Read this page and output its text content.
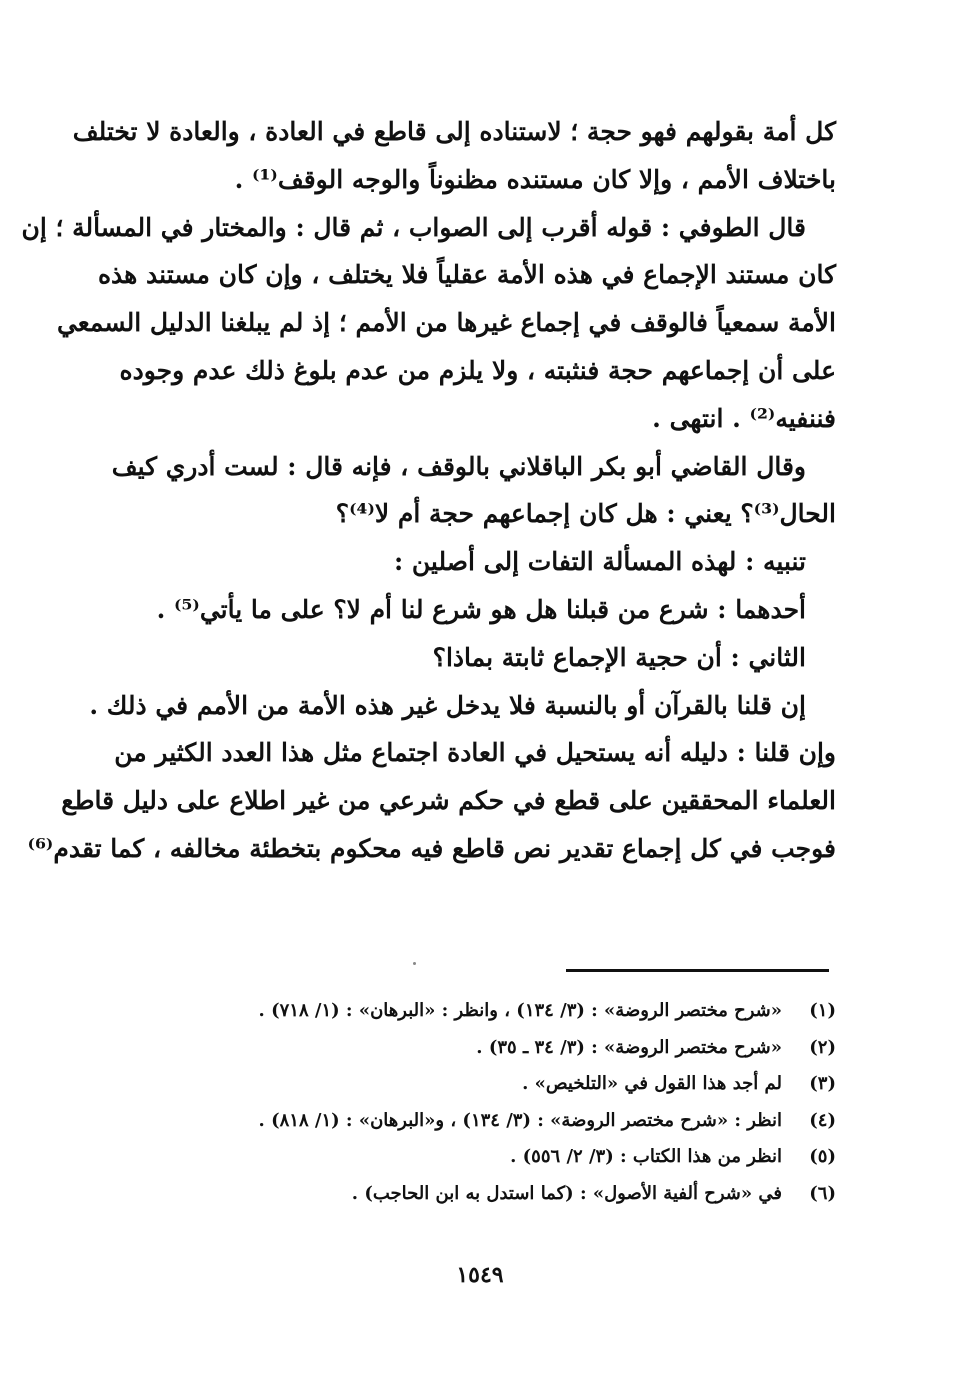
كل أمة بقولهم فهو حجة ؛ لاستناده إلى قاطع في العادة ، والعادة لا تختلف
باختلاف الأمم ، وإلا كان مستنده مظنوناً والوجه الوقف⁽¹⁾ .
قال الطوفي : قوله أقرب إلى الصواب ، ثم قال : والمختار في المسألة ؛ إن
كان مستند الإجماع في هذه الأمة عقلياً فلا يختلف ، وإن كان مستند هذه
الأمة سمعياً فالوقف في إجماع غيرها من الأمم ؛ إذ لم يبلغنا الدليل السمعي
على أن إجماعهم حجة فنثبته ، ولا يلزم من عدم بلوغ ذلك عدم وجوده
فننفيه⁽²⁾ . انتهى .
وقال القاضي أبو بكر الباقلاني بالوقف ، فإنه قال : لست أدري كيف
الحال⁽³⁾؟ يعني : هل كان إجماعهم حجة أم لا⁽⁴⁾؟
تنبيه : لهذه المسألة التفات إلى أصلين :
أحدهما : شرع من قبلنا هل هو شرع لنا أم لا؟ على ما يأتي⁽⁵⁾ .
الثاني : أن حجية الإجماع ثابتة بماذا؟
إن قلنا بالقرآن أو بالنسبة فلا يدخل غير هذه الأمة من الأمم في ذلك .
وإن قلنا : دليله أنه يستحيل في العادة اجتماع مثل هذا العدد الكثير من
العلماء المحققين على قطع في حكم شرعي من غير اطلاع على دليل قاطع
فوجب في كل إجماع تقدير نص قاطع فيه محكوم بتخطئة مخالفه ، كما تقدم⁽⁶⁾
(١)«شرح مختصر الروضة» : (٣/ ١٣٤) ، وانظر : «البرهان» : (١/ ٧١٨) .
(٢)«شرح مختصر الروضة» : (٣/ ٣٤ ـ ٣٥) .
(٣)لم أجد هذا القول في «التلخيص» .
(٤)انظر : «شرح مختصر الروضة» : (٣/ ١٣٤) ، و«البرهان» : (١/ ٨١٨) .
(٥)انظر من هذا الكتاب : (٣/ ٢/ ٥٥٦) .
(٦)في «شرح ألفية الأصول» : (كما استدل به ابن الحاجب) .
١٥٤٩
